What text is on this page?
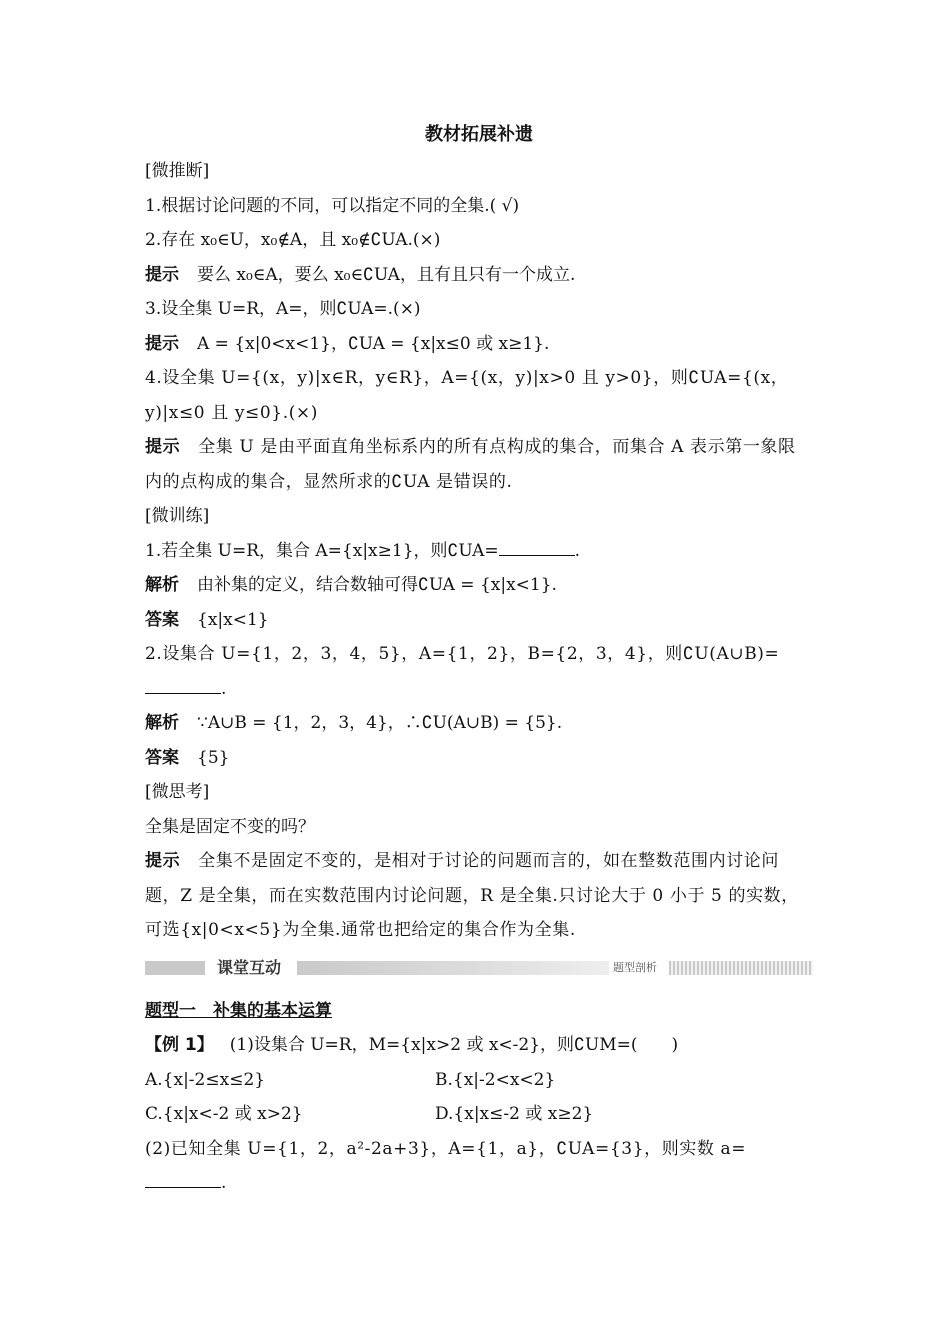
教材拓展补遗
[微推断]
1.根据讨论问题的不同，可以指定不同的全集.( √)
2.存在 x₀∈U，x₀∉A，且 x₀∉∁UA.(×)
提示 要么 x₀∈A，要么 x₀∈∁UA，且有且只有一个成立.
3.设全集 U=R，A=，则∁UA=.(×)
提示 A = {x|0<x<1}，∁UA = {x|x≤0 或 x≥1}.
4.设全集 U={(x，y)|x∈R，y∈R}，A={(x，y)|x>0 且 y>0}，则∁UA={(x，y)|x≤0 且 y≤0}.(×)
提示 全集 U 是由平面直角坐标系内的所有点构成的集合，而集合 A 表示第一象限内的点构成的集合，显然所求的∁UA 是错误的.
[微训练]
1.若全集 U=R，集合 A={x|x≥1}，则∁UA=	.
解析 由补集的定义，结合数轴可得∁UA = {x|x<1}.
答案 {x|x<1}
2.设集合 U={1，2，3，4，5}，A={1，2}，B={2，3，4}，则∁U(A∪B)=
.
解析 ∵A∪B = {1，2，3，4}，∴∁U(A∪B) = {5}.
答案 {5}
[微思考]
全集是固定不变的吗？
提示 全集不是固定不变的，是相对于讨论的问题而言的，如在整数范围内讨论问题，Z 是全集，而在实数范围内讨论问题，R 是全集.只讨论大于 0 小于 5 的实数，可选{x|0<x<5}为全集.通常也把给定的集合作为全集.
课堂互动	题型剖析
题型一　补集的基本运算
【例 1】 (1)设集合 U=R，M={x|x>2 或 x<-2}，则∁UM=(　　)
A.{x|-2≤x≤2}	B.{x|-2<x<2}
C.{x|x<-2 或 x>2}	D.{x|x≤-2 或 x≥2}
(2)已知全集 U={1，2，a²-2a+3}，A={1，a}，∁UA={3}，则实数 a=
.
